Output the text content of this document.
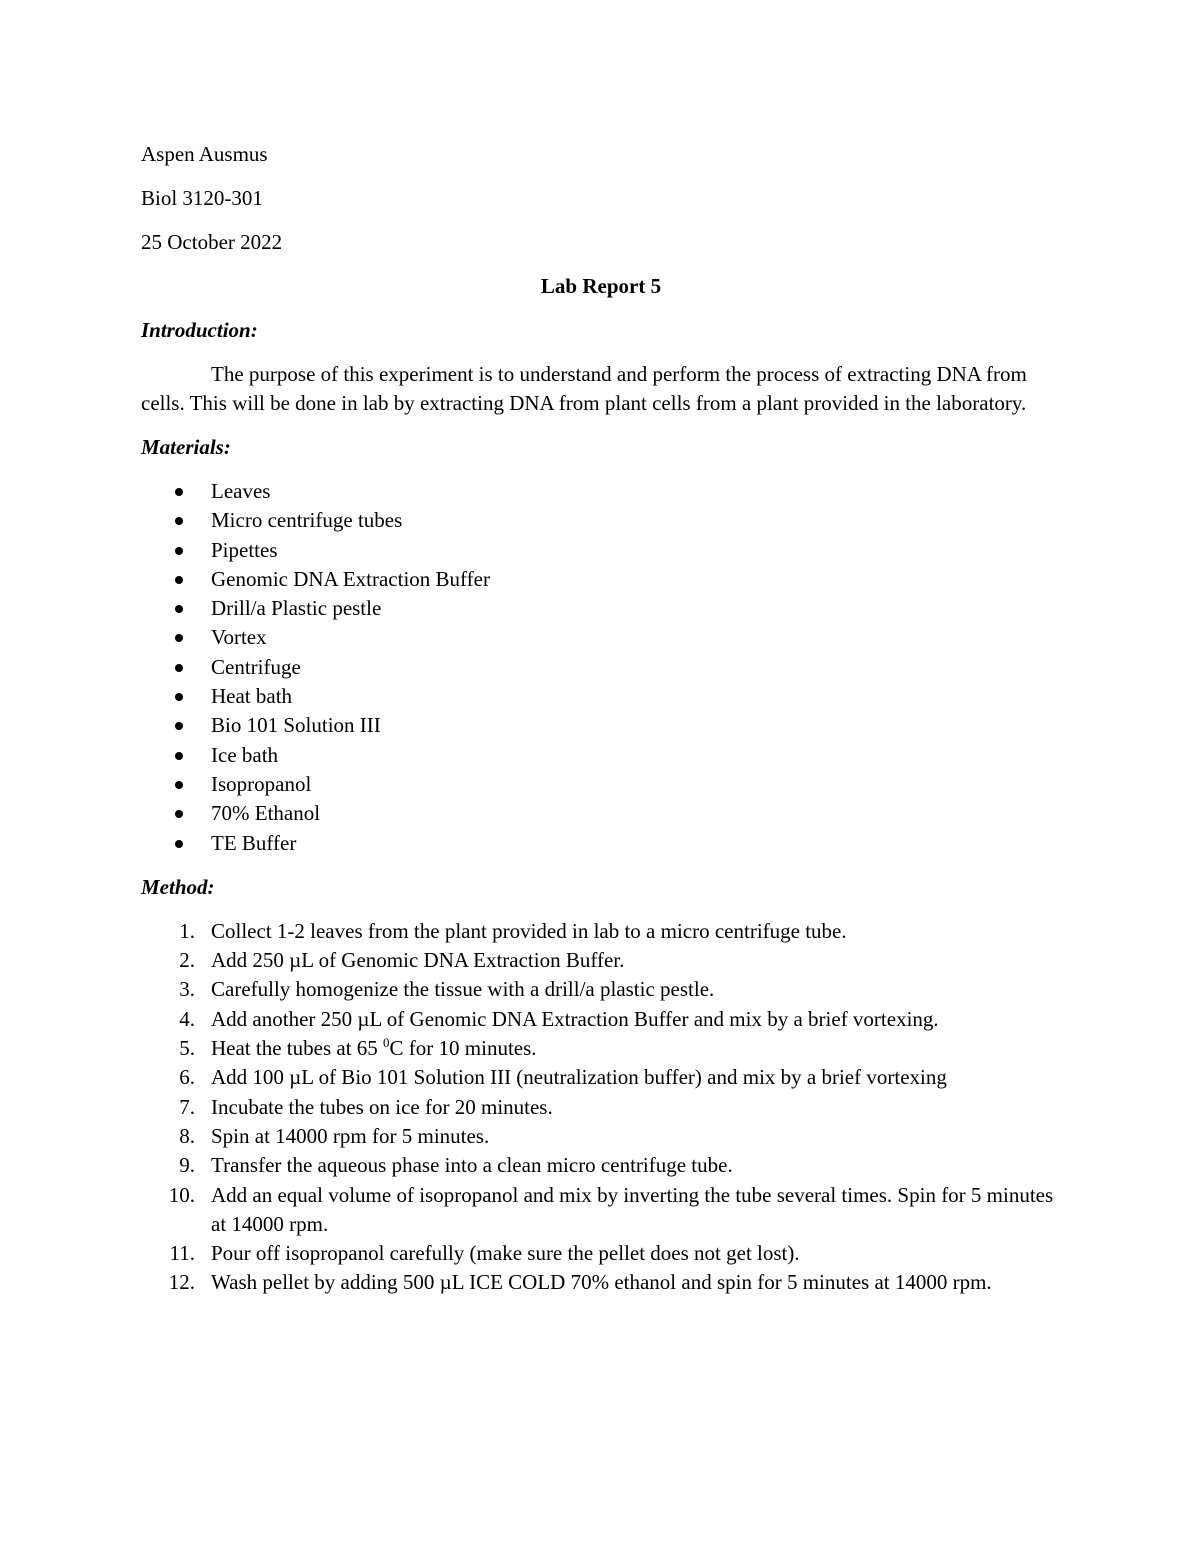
Aspen Ausmus
Biol 3120-301
25 October 2022
Lab Report 5
Introduction:
The purpose of this experiment is to understand and perform the process of extracting DNA from cells. This will be done in lab by extracting DNA from plant cells from a plant provided in the laboratory.
Materials:
Leaves
Micro centrifuge tubes
Pipettes
Genomic DNA Extraction Buffer
Drill/a Plastic pestle
Vortex
Centrifuge
Heat bath
Bio 101 Solution III
Ice bath
Isopropanol
70% Ethanol
TE Buffer
Method:
1. Collect 1-2 leaves from the plant provided in lab to a micro centrifuge tube.
2. Add 250 µL of Genomic DNA Extraction Buffer.
3. Carefully homogenize the tissue with a drill/a plastic pestle.
4. Add another 250 µL of Genomic DNA Extraction Buffer and mix by a brief vortexing.
5. Heat the tubes at 65 $^0$C for 10 minutes.
6. Add 100 µL of Bio 101 Solution III (neutralization buffer) and mix by a brief vortexing
7. Incubate the tubes on ice for 20 minutes.
8. Spin at 14000 rpm for 5 minutes.
9. Transfer the aqueous phase into a clean micro centrifuge tube.
10. Add an equal volume of isopropanol and mix by inverting the tube several times. Spin for 5 minutes at 14000 rpm.
11. Pour off isopropanol carefully (make sure the pellet does not get lost).
12. Wash pellet by adding 500 µL ICE COLD 70% ethanol and spin for 5 minutes at 14000 rpm.
